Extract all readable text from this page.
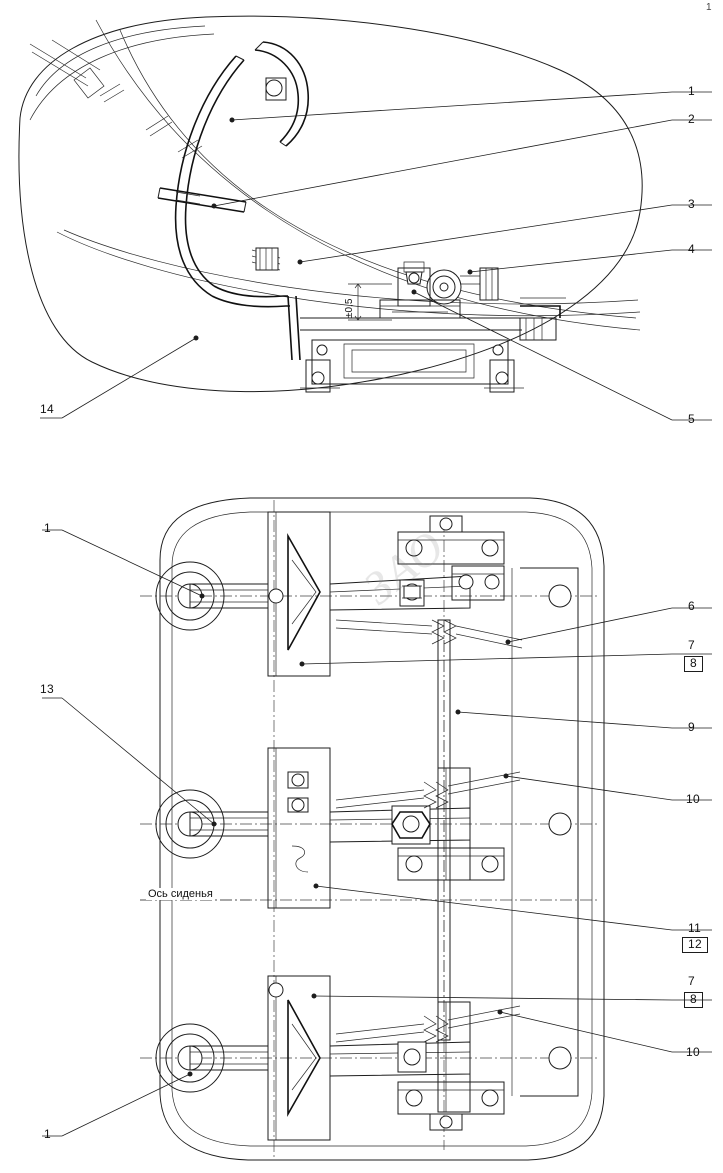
ЗАО
1
1
2
3
4
5
14
±0,5
1
13
6
7
8
9
10
11
12
7
8
10
1
Ось сиденья
